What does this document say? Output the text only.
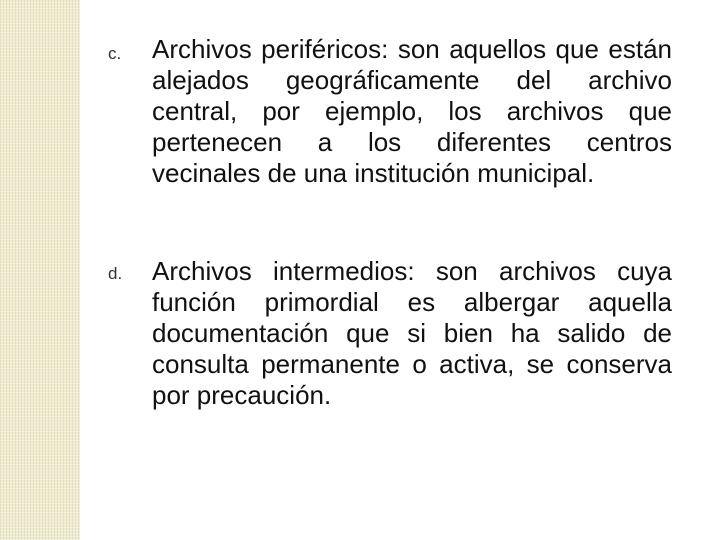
c. Archivos periféricos: son aquellos que están alejados geográficamente del archivo central, por ejemplo, los archivos que pertenecen a los diferentes centros vecinales de una institución municipal.
d. Archivos intermedios: son archivos cuya función primordial es albergar aquella documentación que si bien ha salido de consulta permanente o activa, se conserva por precaución.
